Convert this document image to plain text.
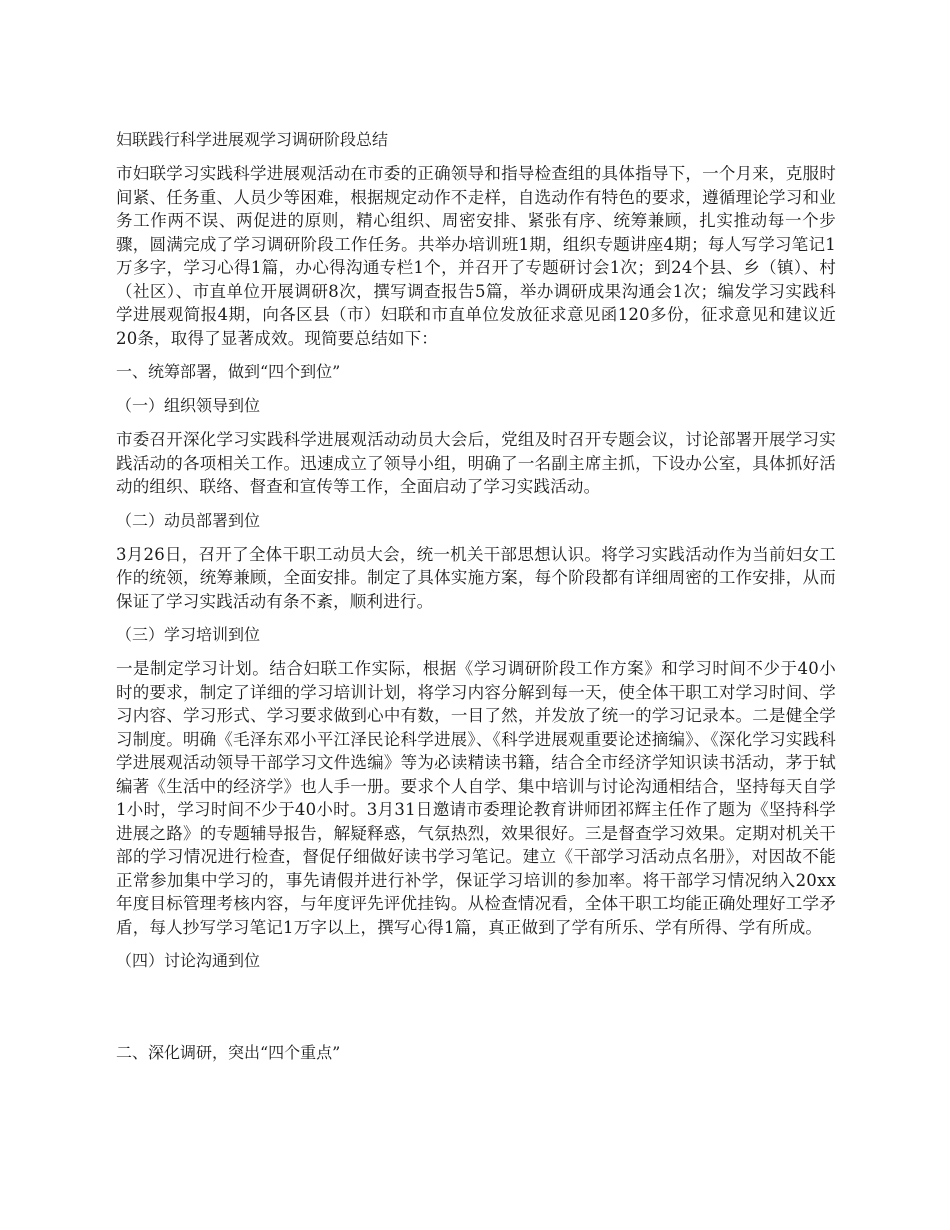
妇联践行科学进展观学习调研阶段总结

市妇联学习实践科学进展观活动在市委的正确领导和指导检查组的具体指导下，一个月来，克服时间紧、任务重、人员少等困难，根据规定动作不走样，自选动作有特色的要求，遵循理论学习和业务工作两不误、两促进的原则，精心组织、周密安排、紧张有序、统筹兼顾，扎实推动每一个步骤，圆满完成了学习调研阶段工作任务。共举办培训班1期，组织专题讲座4期；每人写学习笔记1万多字，学习心得1篇，办心得沟通专栏1个，并召开了专题研讨会1次；到24个县、乡（镇）、村（社区）、市直单位开展调研8次，撰写调查报告5篇，举办调研成果沟通会1次；编发学习实践科学进展观简报4期，向各区县（市）妇联和市直单位发放征求意见函120多份，征求意见和建议近20条，取得了显著成效。现简要总结如下：

一、统筹部署，做到“四个到位”
（一）组织领导到位

市委召开深化学习实践科学进展观活动动员大会后，党组及时召开专题会议，讨论部署开展学习实践活动的各项相关工作。迅速成立了领导小组，明确了一名副主席主抓，下设办公室，具体抓好活动的组织、联络、督查和宣传等工作，全面启动了学习实践活动。

（二）动员部署到位

3月26日，召开了全体干职工动员大会，统一机关干部思想认识。将学习实践活动作为当前妇女工作的统领，统筹兼顾，全面安排。制定了具体实施方案，每个阶段都有详细周密的工作安排，从而保证了学习实践活动有条不紊，顺利进行。

（三）学习培训到位

一是制定学习计划。结合妇联工作实际，根据《学习调研阶段工作方案》和学习时间不少于40小时的要求，制定了详细的学习培训计划，将学习内容分解到每一天，使全体干职工对学习时间、学习内容、学习形式、学习要求做到心中有数，一目了然，并发放了统一的学习记录本。二是健全学习制度。明确《毛泽东邓小平江泽民论科学进展》、《科学进展观重要论述摘编》、《深化学习实践科学进展观活动领导干部学习文件选编》等为必读精读书籍，结合全市经济学知识读书活动，茅于轼编著《生活中的经济学》也人手一册。要求个人自学、集中培训与讨论沟通相结合，坚持每天自学1小时，学习时间不少于40小时。3月31日邀请市委理论教育讲师团祁辉主任作了题为《坚持科学进展之路》的专题辅导报告，解疑释惑，气氛热烈，效果很好。三是督查学习效果。定期对机关干部的学习情况进行检查，督促仔细做好读书学习笔记。建立《干部学习活动点名册》，对因故不能正常参加集中学习的，事先请假并进行补学，保证学习培训的参加率。将干部学习情况纳入20xx年度目标管理考核内容，与年度评先评优挂钩。从检查情况看，全体干职工均能正确处理好工学矛盾，每人抄写学习笔记1万字以上，撰写心得1篇，真正做到了学有所乐、学有所得、学有所成。

（四）讨论沟通到位
二、深化调研，突出“四个重点”
